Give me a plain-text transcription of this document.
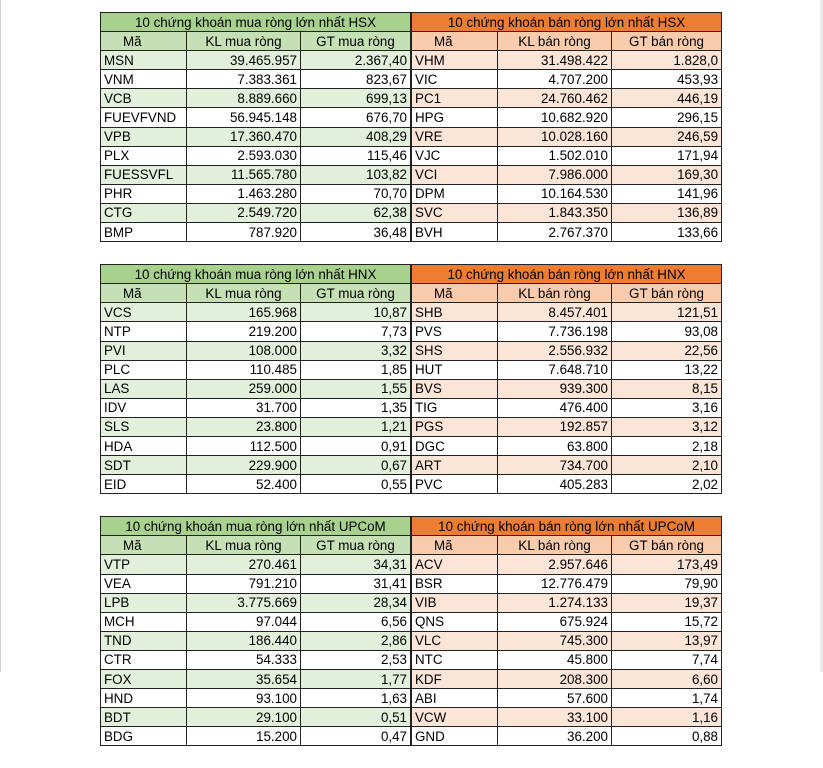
10 chứng khoán mua ròng lớn nhất HSX		
Mã	KL mua ròng	GT mua ròng
MSN	39.465.957	2.367,40
VNM	7.383.361	823,67
VCB	8.889.660	699,13
FUEVFVND	56.945.148	676,70
VPB	17.360.470	408,29
PLX	2.593.030	115,46
FUESSVFL	11.565.780	103,82
PHR	1.463.280	70,70
CTG	2.549.720	62,38
BMP	787.920	36,48
10 chứng khoán bán ròng lớn nhất HSX		
Mã	KL bán ròng	GT bán ròng
VHM	31.498.422	1.828,0
VIC	4.707.200	453,93
PC1	24.760.462	446,19
HPG	10.682.920	296,15
VRE	10.028.160	246,59
VJC	1.502.010	171,94
VCI	7.986.000	169,30
DPM	10.164.530	141,96
SVC	1.843.350	136,89
BVH	2.767.370	133,66
10 chứng khoán mua ròng lớn nhất HNX		
Mã	KL mua ròng	GT mua ròng
VCS	165.968	10,87
NTP	219.200	7,73
PVI	108.000	3,32
PLC	110.485	1,85
LAS	259.000	1,55
IDV	31.700	1,35
SLS	23.800	1,21
HDA	112.500	0,91
SDT	229.900	0,67
EID	52.400	0,55
10 chứng khoán bán ròng lớn nhất HNX		
Mã	KL bán ròng	GT bán ròng
SHB	8.457.401	121,51
PVS	7.736.198	93,08
SHS	2.556.932	22,56
HUT	7.648.710	13,22
BVS	939.300	8,15
TIG	476.400	3,16
PGS	192.857	3,12
DGC	63.800	2,18
ART	734.700	2,10
PVC	405.283	2,02
10 chứng khoán mua ròng lớn nhất UPCoM		
Mã	KL mua ròng	GT mua ròng
VTP	270.461	34,31
VEA	791.210	31,41
LPB	3.775.669	28,34
MCH	97.044	6,56
TND	186.440	2,86
CTR	54.333	2,53
FOX	35.654	1,77
HND	93.100	1,63
BDT	29.100	0,51
BDG	15.200	0,47
10 chứng khoán bán ròng lớn nhất UPCoM		
Mã	KL bán ròng	GT bán ròng
ACV	2.957.646	173,49
BSR	12.776.479	79,90
VIB	1.274.133	19,37
QNS	675.924	15,72
VLC	745.300	13,97
NTC	45.800	7,74
KDF	208.300	6,60
ABI	57.600	1,74
VCW	33.100	1,16
GND	36.200	0,88
